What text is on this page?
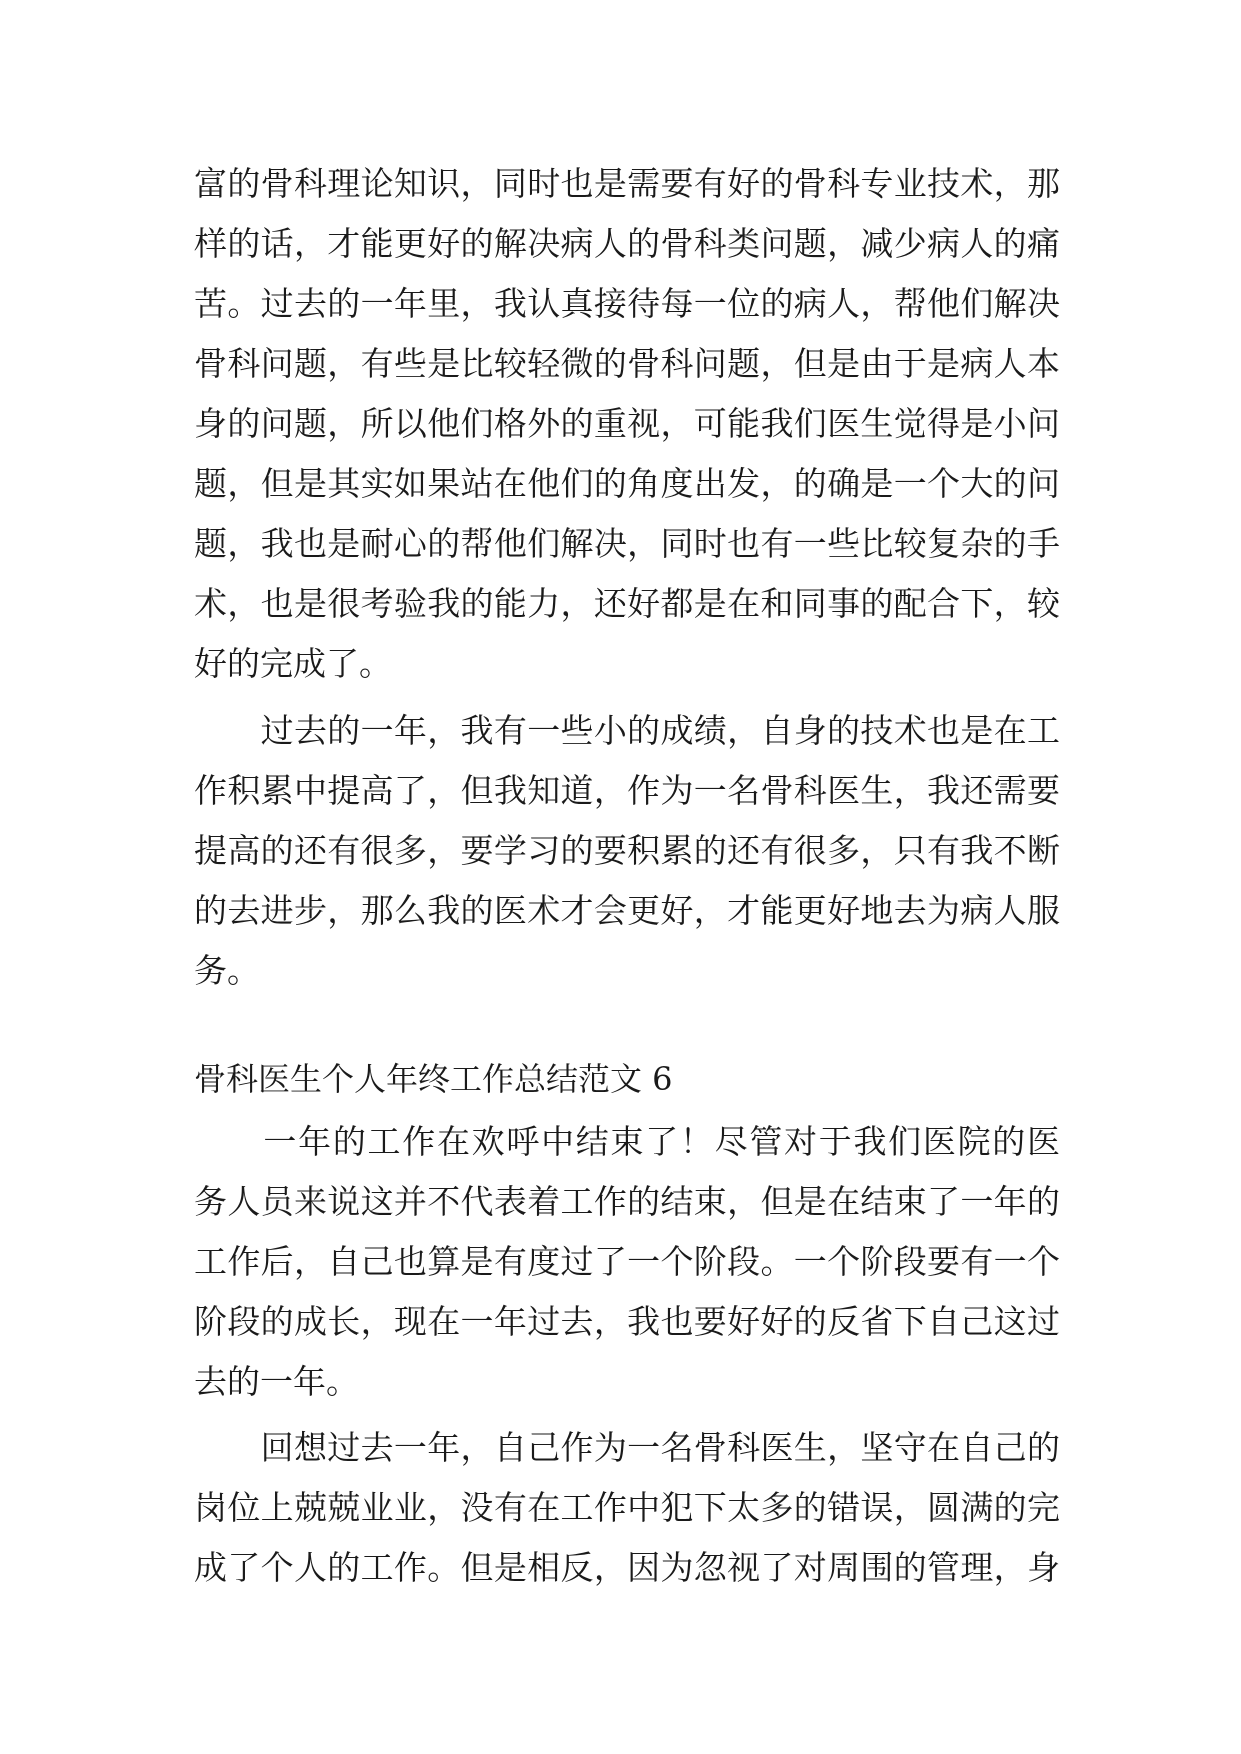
富的骨科理论知识，同时也是需要有好的骨科专业技术，那
样的话，才能更好的解决病人的骨科类问题，减少病人的痛
苦。过去的一年里，我认真接待每一位的病人，帮他们解决
骨科问题，有些是比较轻微的骨科问题，但是由于是病人本
身的问题，所以他们格外的重视，可能我们医生觉得是小问
题，但是其实如果站在他们的角度出发，的确是一个大的问
题，我也是耐心的帮他们解决，同时也有一些比较复杂的手
术，也是很考验我的能力，还好都是在和同事的配合下，较
好的完成了。
　　过去的一年，我有一些小的成绩，自身的技术也是在工
作积累中提高了，但我知道，作为一名骨科医生，我还需要
提高的还有很多，要学习的要积累的还有很多，只有我不断
的去进步，那么我的医术才会更好，才能更好地去为病人服
务。
骨科医生个人年终工作总结范文 6
　　一年的工作在欢呼中结束了！尽管对于我们医院的医
务人员来说这并不代表着工作的结束，但是在结束了一年的
工作后，自己也算是有度过了一个阶段。一个阶段要有一个
阶段的成长，现在一年过去，我也要好好的反省下自己这过
去的一年。
　　回想过去一年，自己作为一名骨科医生，坚守在自己的
岗位上兢兢业业，没有在工作中犯下太多的错误，圆满的完
成了个人的工作。但是相反，因为忽视了对周围的管理，身
